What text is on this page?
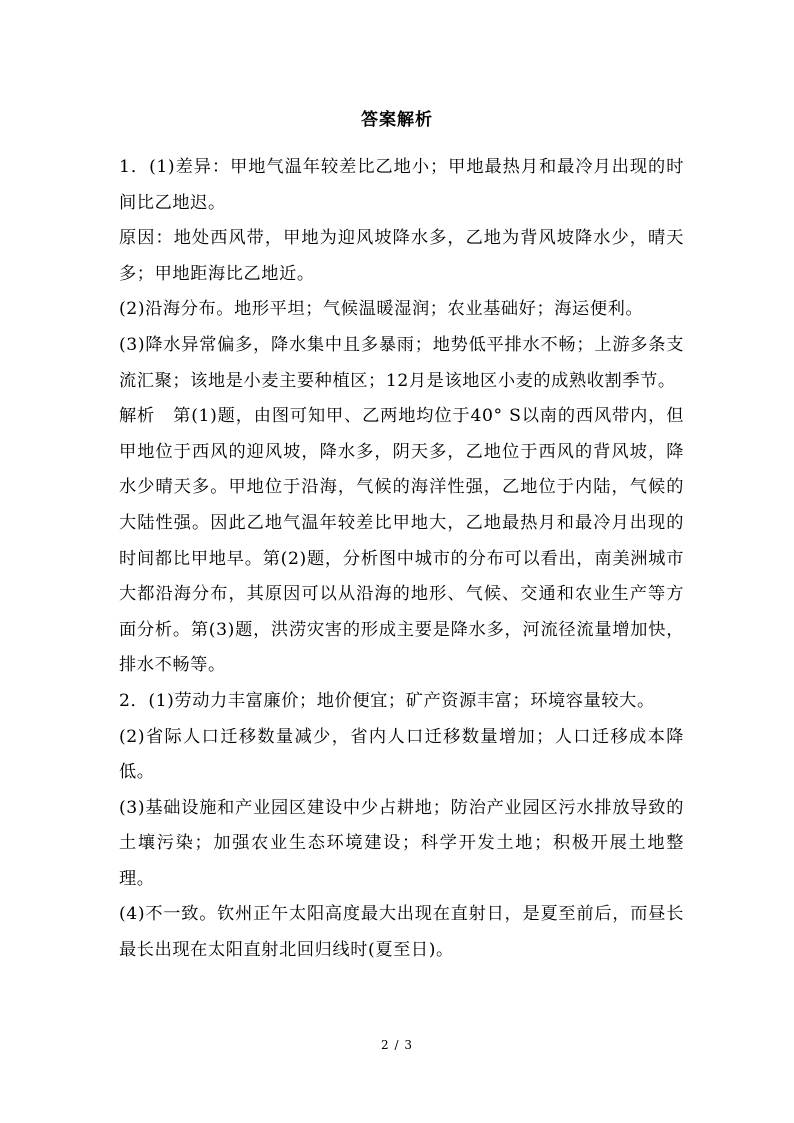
答案解析

1．(1)差异：甲地气温年较差比乙地小；甲地最热月和最冷月出现的时间比乙地迟。

原因：地处西风带，甲地为迎风坡降水多，乙地为背风坡降水少，晴天多；甲地距海比乙地近。

(2)沿海分布。地形平坦；气候温暖湿润；农业基础好；海运便利。

(3)降水异常偏多，降水集中且多暴雨；地势低平排水不畅；上游多条支流汇聚；该地是小麦主要种植区；12月是该地区小麦的成熟收割季节。

解析　第(1)题，由图可知甲、乙两地均位于40° S以南的西风带内，但甲地位于西风的迎风坡，降水多，阴天多，乙地位于西风的背风坡，降水少晴天多。甲地位于沿海，气候的海洋性强，乙地位于内陆，气候的大陆性强。因此乙地气温年较差比甲地大，乙地最热月和最冷月出现的时间都比甲地早。第(2)题，分析图中城市的分布可以看出，南美洲城市大都沿海分布，其原因可以从沿海的地形、气候、交通和农业生产等方面分析。第(3)题，洪涝灾害的形成主要是降水多，河流径流量增加快，排水不畅等。

2．(1)劳动力丰富廉价；地价便宜；矿产资源丰富；环境容量较大。

(2)省际人口迁移数量减少，省内人口迁移数量增加；人口迁移成本降低。

(3)基础设施和产业园区建设中少占耕地；防治产业园区污水排放导致的土壤污染；加强农业生态环境建设；科学开发土地；积极开展土地整理。

(4)不一致。钦州正午太阳高度最大出现在直射日，是夏至前后，而昼长最长出现在太阳直射北回归线时(夏至日)。

2 / 3
